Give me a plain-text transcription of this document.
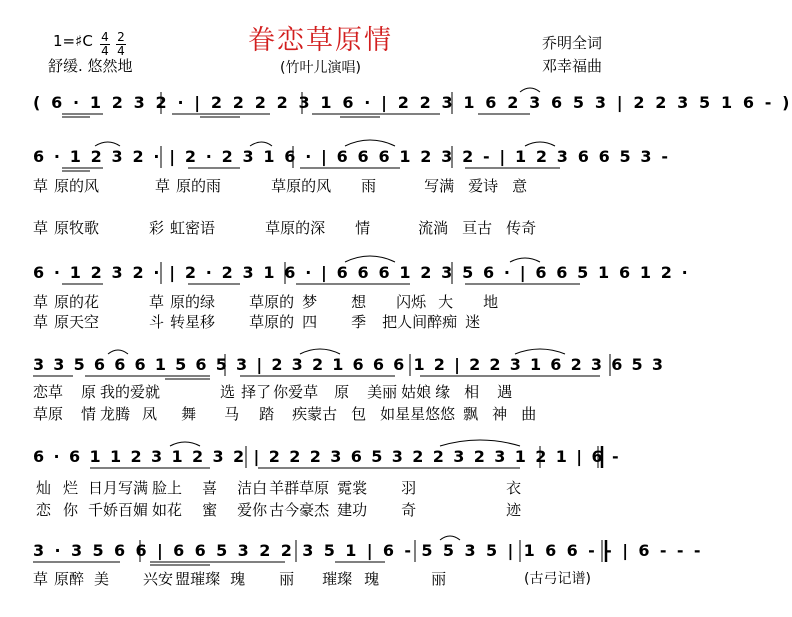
眷恋草原情
1=♯C 4
4
2
4
舒缓. 悠然地	(竹叶儿演唱)
乔明全词
邓幸福曲
( 6 · 1 2 3 2 · | 2 2 2 2 3 1 6 · | 2 2 3 1 6 2 3 6 5 3 | 2 2 3 5 1 6 - )
6 · 1 2 3 2 · | 2 · 2 3 1 6 · | 6 6 6 1 2 3 2 - | 1 2 3 6 6 5 3 -
草 原的风	草 原的雨	草原的风 雨	写满 爱诗 意
草 原牧歌	彩 虹密语	草原的深 情	流淌 亘古 传奇
6 · 1 2 3 2 · | 2 · 2 3 1 6 · | 6 6 6 1 2 3 5 6 · | 6 6 5 1 6 1 2 ·
草 原的花	草 原的绿 草原的 梦 想 闪烁 大 地
草 原天空	斗 转星移 草原的 四 季 把人间醉痴 迷
3 3 5 6 6 6 1 5 6 5 3 | 2 3 2 1 6 6 6 1 2 | 2 2 3 1 6 2 3 6 5 3
恋草 原 我的爱就	选 择了 你爱草 原 美丽 姑娘 缘 相 遇
草原 情 龙腾 凤 舞 马 踏 疾蒙古 包 如星星悠悠 飘 神 曲
6 · 6 1 1 2 3 1 2 3 2 | 2 2 2 3 6 5 3 2 2 3 2 3 1 2 1 | 6 -
灿 烂 日月写满 脸上 喜 洁白 羊群草原 霓裳 羽	衣
恋 你 千娇百媚 如花 蜜 爱你 古今豪杰 建功 奇	迹
3 · 3 5 6 6 | 6 6 5 3 2 2 3 5 1 | 6 - 5 5 3 5 | 1 6 6 - - | 6 - - -
草 原醉 美 兴安 盟璀璨 瑰 丽 璀璨 瑰	丽	(古弓记谱)
